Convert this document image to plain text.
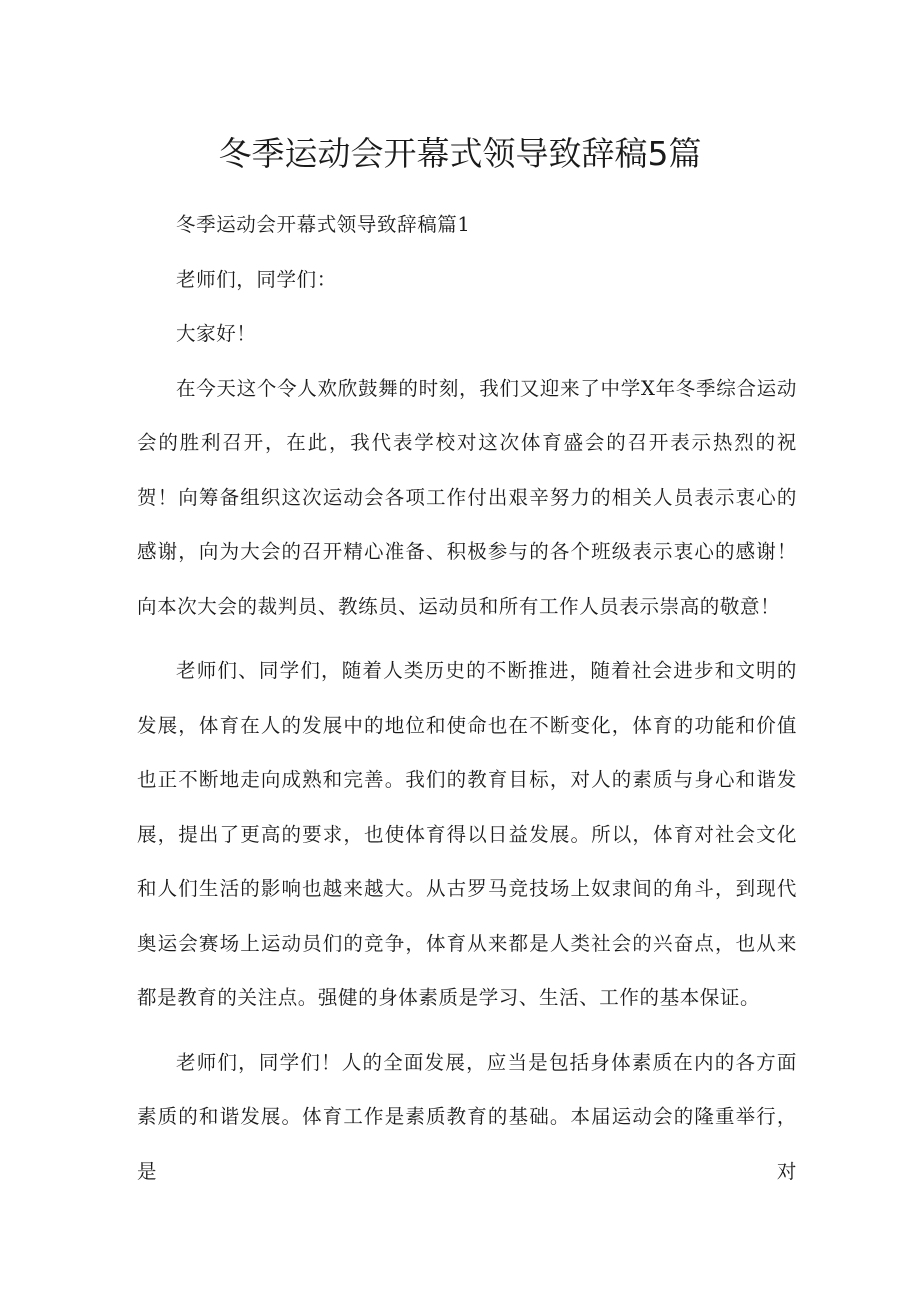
冬季运动会开幕式领导致辞稿5篇

冬季运动会开幕式领导致辞稿篇1

老师们，同学们：

大家好！

在今天这个令人欢欣鼓舞的时刻，我们又迎来了中学X年冬季综合运动会的胜利召开，在此，我代表学校对这次体育盛会的召开表示热烈的祝贺！向筹备组织这次运动会各项工作付出艰辛努力的相关人员表示衷心的感谢，向为大会的召开精心准备、积极参与的各个班级表示衷心的感谢！向本次大会的裁判员、教练员、运动员和所有工作人员表示崇高的敬意！

老师们、同学们，随着人类历史的不断推进，随着社会进步和文明的发展，体育在人的发展中的地位和使命也在不断变化，体育的功能和价值也正不断地走向成熟和完善。我们的教育目标，对人的素质与身心和谐发展，提出了更高的要求，也使体育得以日益发展。所以，体育对社会文化和人们生活的影响也越来越大。从古罗马竞技场上奴隶间的角斗，到现代奥运会赛场上运动员们的竞争，体育从来都是人类社会的兴奋点，也从来都是教育的关注点。强健的身体素质是学习、生活、工作的基本保证。

老师们，同学们！人的全面发展，应当是包括身体素质在内的各方面素质的和谐发展。体育工作是素质教育的基础。本届运动会的隆重举行，是对
